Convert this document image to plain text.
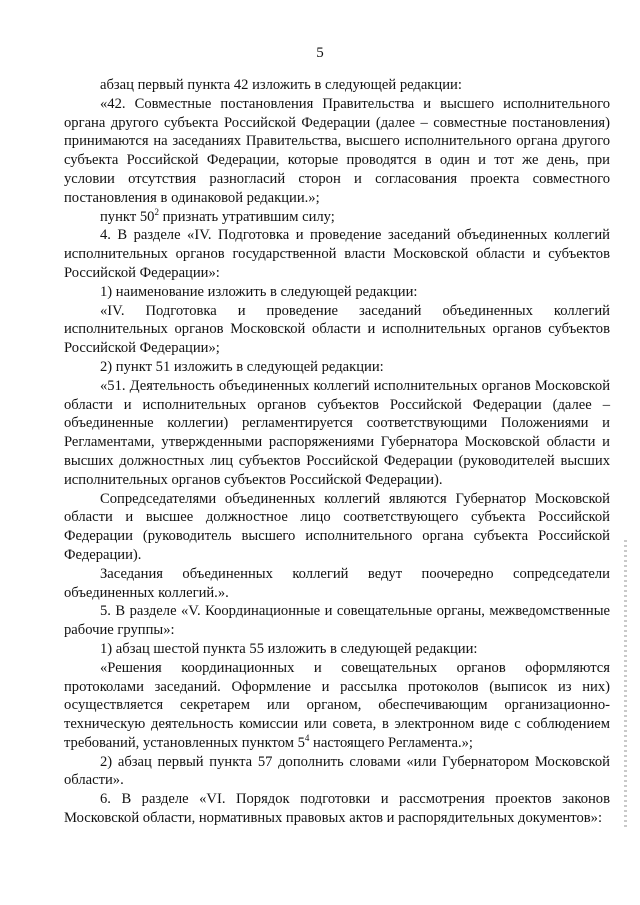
5

абзац первый пункта 42 изложить в следующей редакции:

«42. Совместные постановления Правительства и высшего исполнительного органа другого субъекта Российской Федерации (далее – совместные постановления) принимаются на заседаниях Правительства, высшего исполнительного органа другого субъекта Российской Федерации, которые проводятся в один и тот же день, при условии отсутствия разногласий сторон и согласования проекта совместного постановления в одинаковой редакции.»;

пункт $50^2$ признать утратившим силу;

4. В разделе «IV. Подготовка и проведение заседаний объединенных коллегий исполнительных органов государственной власти Московской области и субъектов Российской Федерации»:

1) наименование изложить в следующей редакции:

«IV. Подготовка и проведение заседаний объединенных коллегий исполнительных органов Московской области и исполнительных органов субъектов Российской Федерации»;

2) пункт 51 изложить в следующей редакции:

«51. Деятельность объединенных коллегий исполнительных органов Московской области и исполнительных органов субъектов Российской Федерации (далее – объединенные коллегии) регламентируется соответствующими Положениями и Регламентами, утвержденными распоряжениями Губернатора Московской области и высших должностных лиц субъектов Российской Федерации (руководителей высших исполнительных органов субъектов Российской Федерации).

Сопредседателями объединенных коллегий являются Губернатор Московской области и высшее должностное лицо соответствующего субъекта Российской Федерации (руководитель высшего исполнительного органа субъекта Российской Федерации).

Заседания объединенных коллегий ведут поочередно сопредседатели объединенных коллегий.».

5. В разделе «V. Координационные и совещательные органы, межведомственные рабочие группы»:

1) абзац шестой пункта 55 изложить в следующей редакции:

«Решения координационных и совещательных органов оформляются протоколами заседаний. Оформление и рассылка протоколов (выписок из них) осуществляется секретарем или органом, обеспечивающим организационно-техническую деятельность комиссии или совета, в электронном виде с соблюдением требований, установленных пунктом $5^4$ настоящего Регламента.»;

2) абзац первый пункта 57 дополнить словами «или Губернатором Московской области».

6. В разделе «VI. Порядок подготовки и рассмотрения проектов законов Московской области, нормативных правовых актов и распорядительных документов»:
